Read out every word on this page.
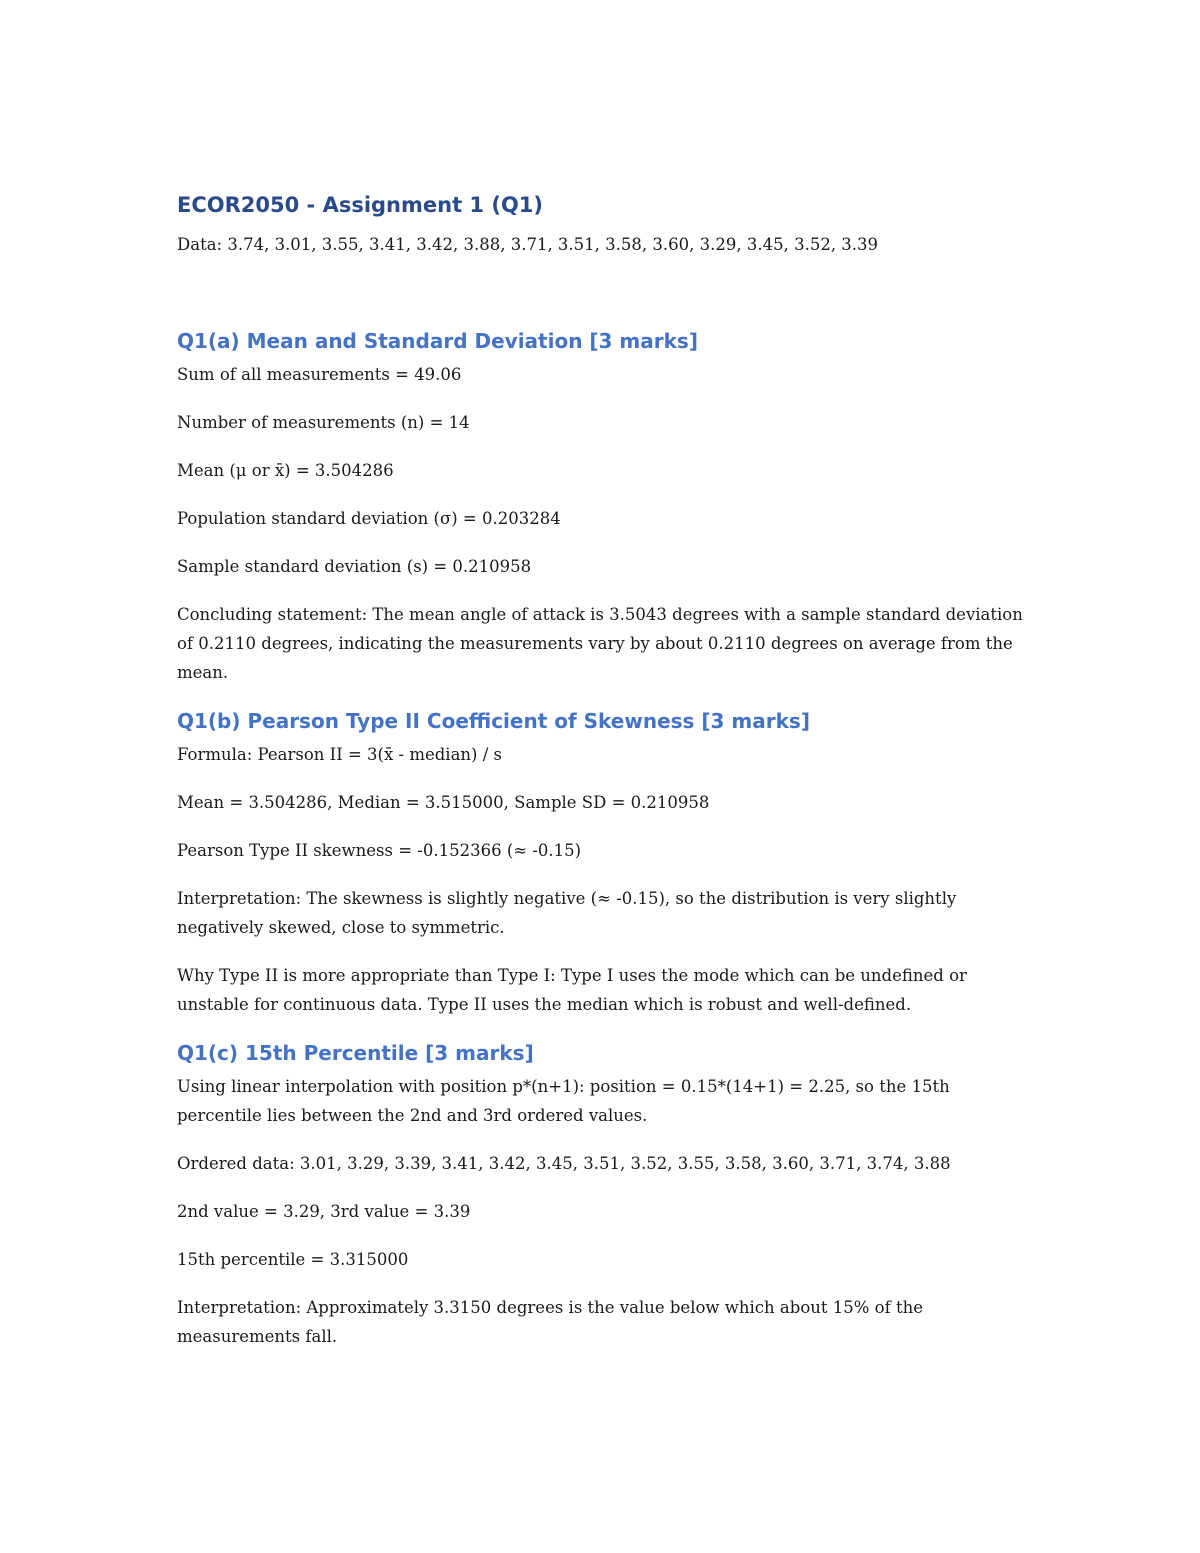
ECOR2050 - Assignment 1 (Q1)
Data: 3.74, 3.01, 3.55, 3.41, 3.42, 3.88, 3.71, 3.51, 3.58, 3.60, 3.29, 3.45, 3.52, 3.39
Q1(a) Mean and Standard Deviation [3 marks]
Sum of all measurements = 49.06
Number of measurements (n) = 14
Mean (μ or x̄) = 3.504286
Population standard deviation (σ) = 0.203284
Sample standard deviation (s) = 0.210958
Concluding statement: The mean angle of attack is 3.5043 degrees with a sample standard deviation of 0.2110 degrees, indicating the measurements vary by about 0.2110 degrees on average from the mean.
Q1(b) Pearson Type II Coefficient of Skewness [3 marks]
Formula: Pearson II = 3(x̄ - median) / s
Mean = 3.504286, Median = 3.515000, Sample SD = 0.210958
Pearson Type II skewness = -0.152366 (≈ -0.15)
Interpretation: The skewness is slightly negative (≈ -0.15), so the distribution is very slightly negatively skewed, close to symmetric.
Why Type II is more appropriate than Type I: Type I uses the mode which can be undefined or unstable for continuous data. Type II uses the median which is robust and well-defined.
Q1(c) 15th Percentile [3 marks]
Using linear interpolation with position p*(n+1): position = 0.15*(14+1) = 2.25, so the 15th percentile lies between the 2nd and 3rd ordered values.
Ordered data: 3.01, 3.29, 3.39, 3.41, 3.42, 3.45, 3.51, 3.52, 3.55, 3.58, 3.60, 3.71, 3.74, 3.88
2nd value = 3.29, 3rd value = 3.39
15th percentile = 3.315000
Interpretation: Approximately 3.3150 degrees is the value below which about 15% of the measurements fall.
